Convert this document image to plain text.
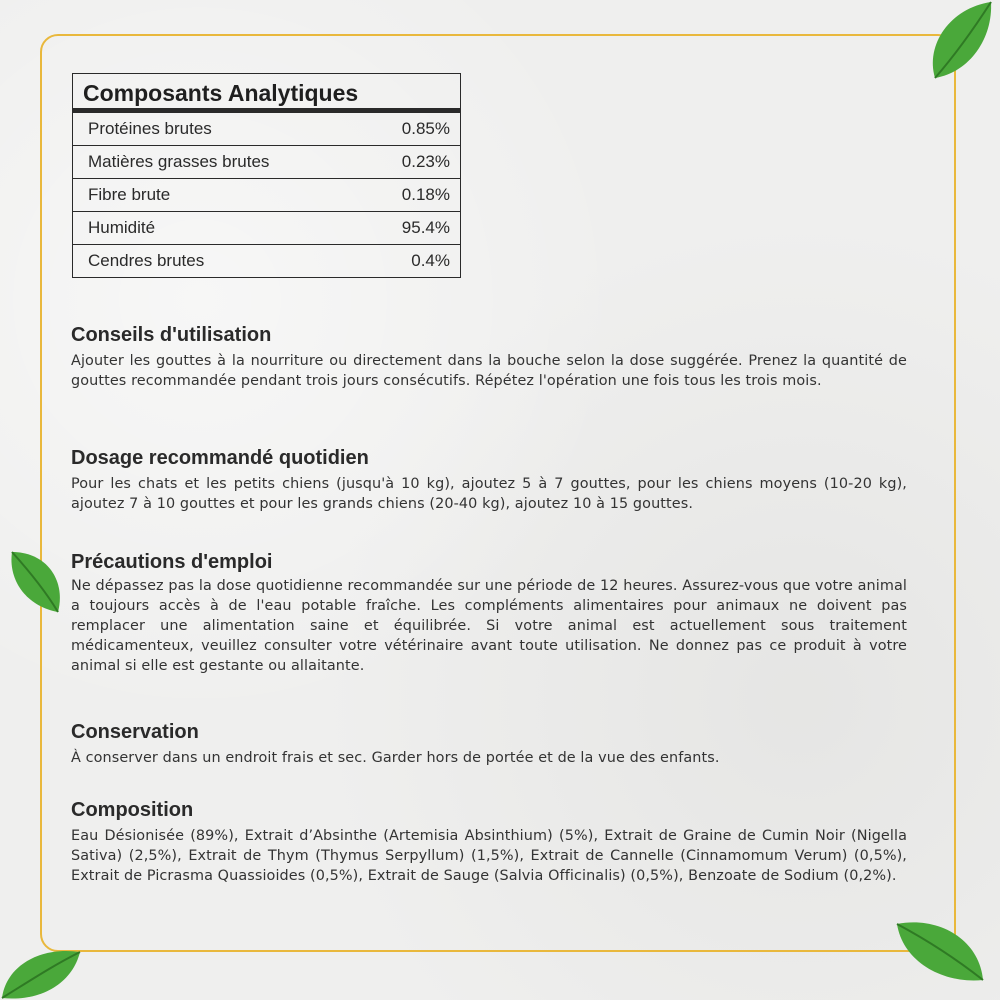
Composants Analytiques
Protéines brutes	0.85%
Matières grasses brutes	0.23%
Fibre brute	0.18%
Humidité	95.4%
Cendres brutes	0.4%
Conseils d'utilisation

Ajouter les gouttes à la nourriture ou directement dans la bouche selon la dose suggérée. Prenez la quantité de gouttes recommandée pendant trois jours consécutifs. Répétez l'opération une fois tous les trois mois.

Dosage recommandé quotidien

Pour les chats et les petits chiens (jusqu'à 10 kg), ajoutez 5 à 7 gouttes, pour les chiens moyens (10-20 kg), ajoutez 7 à 10 gouttes et pour les grands chiens (20-40 kg), ajoutez 10 à 15 gouttes.

Précautions d'emploi

Ne dépassez pas la dose quotidienne recommandée sur une période de 12 heures. Assurez-vous que votre animal a toujours accès à de l'eau potable fraîche. Les compléments alimentaires pour animaux ne doivent pas remplacer une alimentation saine et équilibrée. Si votre animal est actuellement sous traitement médicamenteux, veuillez consulter votre vétérinaire avant toute utilisation. Ne donnez pas ce produit à votre animal si elle est gestante ou allaitante.

Conservation

À conserver dans un endroit frais et sec. Garder hors de portée et de la vue des enfants.

Composition

Eau Désionisée (89%), Extrait d’Absinthe (Artemisia Absinthium) (5%), Extrait de Graine de Cumin Noir (Nigella Sativa) (2,5%), Extrait de Thym (Thymus Serpyllum) (1,5%), Extrait de Cannelle (Cinnamomum Verum) (0,5%), Extrait de Picrasma Quassioides (0,5%), Extrait de Sauge (Salvia Officinalis) (0,5%), Benzoate de Sodium (0,2%).
